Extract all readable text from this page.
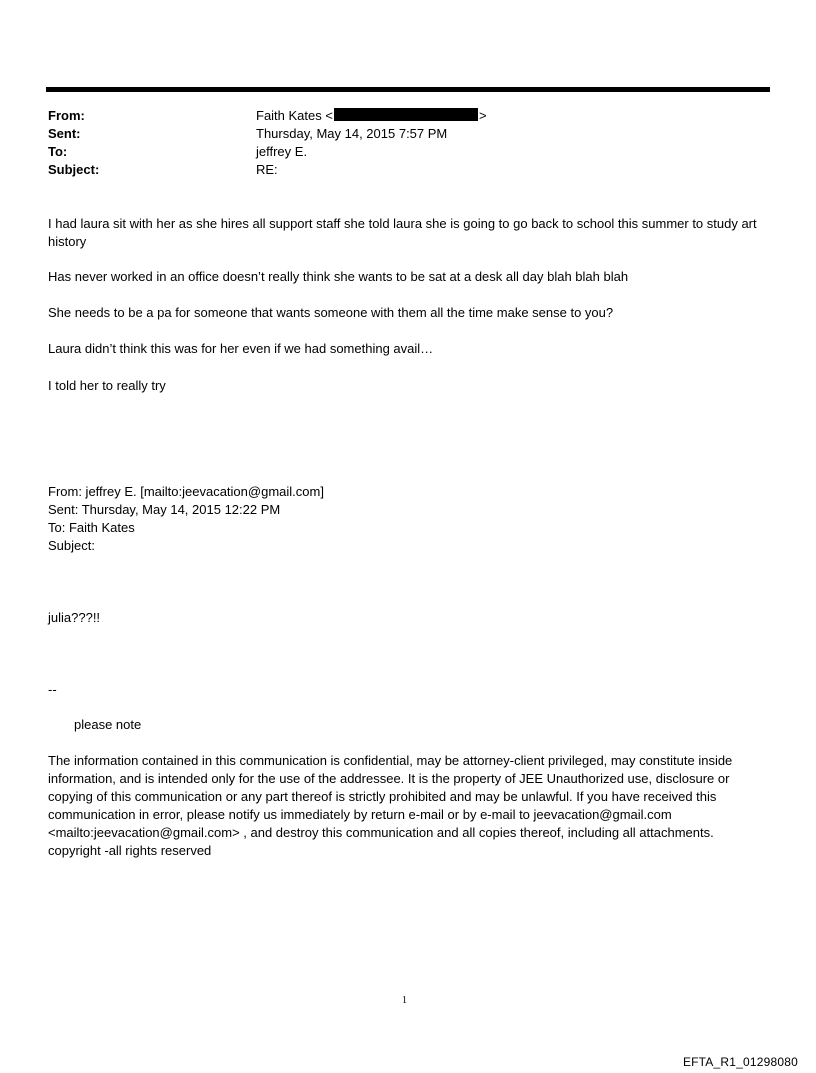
From:	Faith Kates <	>
Sent:	Thursday, May 14, 2015 7:57 PM
To:	jeffrey E.
Subject:	RE:
I had laura sit with her as she hires all support staff she told laura she is going to go back to school this summer to study art history
Has never worked in an office doesn’t really think she wants to be sat at a desk all day blah blah blah
She needs to be a pa for someone that wants someone with them all the time make sense to you?
Laura didn’t think this was for her even if we had something avail…
I told her to really try
From: jeffrey E. [mailto:jeevacation@gmail.com]
Sent: Thursday, May 14, 2015 12:22 PM
To: Faith Kates
Subject:
julia???!!
--
please note
The information contained in this communication is confidential, may be attorney-client privileged, may constitute inside information, and is intended only for the use of the addressee. It is the property of JEE Unauthorized use, disclosure or copying of this communication or any part thereof is strictly prohibited and may be unlawful. If you have received this communication in error, please notify us immediately by return e-mail or by e-mail to jeevacation@gmail.com <mailto:jeevacation@gmail.com> , and destroy this communication and all copies thereof, including all attachments. copyright -all rights reserved
1
EFTA_R1_01298080
